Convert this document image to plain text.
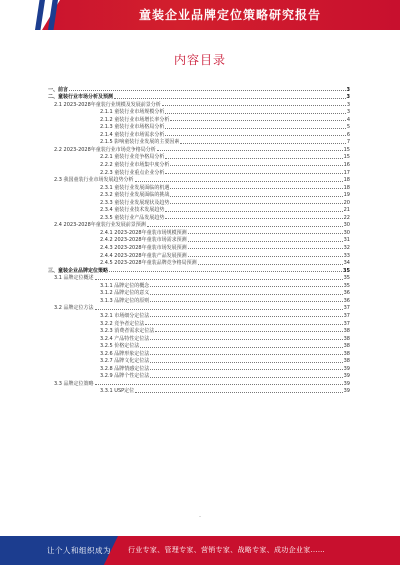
童装企业品牌定位策略研究报告
内容目录
一、前言	3
二、童装行业市场分析及预测	3
2.1 2023-2028年童装行业规模及发展前景分析	3
2.1.1 童装行业市场规模分析	3
2.1.2 童装行业市场增长率分析	4
2.1.3 童装行业市场格局分析	5
2.1.4 童装行业市场需求分析	6
2.1.5 影响童装行业发展的主要因素	7
2.2 2023-2028年童装行业市场竞争格局分析	15
2.2.1 童装行业竞争格局分析	15
2.2.2 童装行业市场集中度分析	16
2.2.3 童装行业重点企业分析	17
2.3 我国童装行业市场发展趋势分析	18
2.3.1 童装行业发展面临的机遇	18
2.3.2 童装行业发展面临的挑战	19
2.3.3 童装行业发展现状及趋势	20
2.3.4 童装行业技术发展趋势	21
2.3.5 童装行业产品发展趋势	22
2.4 2023-2028年童装行业发展前景预测	30
2.4.1 2023-2028年童装市场规模预测	30
2.4.2 2023-2028年童装市场需求预测	31
2.4.3 2023-2028年童装市场发展预测	32
2.4.4 2023-2028年童装产品发展预测	33
2.4.5 2023-2028年童装品牌竞争格局预测	34
三、童装企业品牌定位策略	35
3.1 品牌定位概述	35
3.1.1 品牌定位的概念	35
3.1.2 品牌定位的意义	36
3.1.3 品牌定位的原则	36
3.2 品牌定位方法	37
3.2.1 市场细分定位法	37
3.2.2 竞争者定位法	37
3.2.3 消费者需求定位法	38
3.2.4 产品特性定位法	38
3.2.5 价格定位法	38
3.2.6 品牌形象定位法	38
3.2.7 品牌文化定位法	38
3.2.8 品牌情感定位法	39
3.2.9 品牌个性定位法	39
3.3 品牌定位策略	39
3.3.1 USP定位	39
-
让个人和组织成为 行业专家、管理专家、营销专家、战略专家、成功企业家……
